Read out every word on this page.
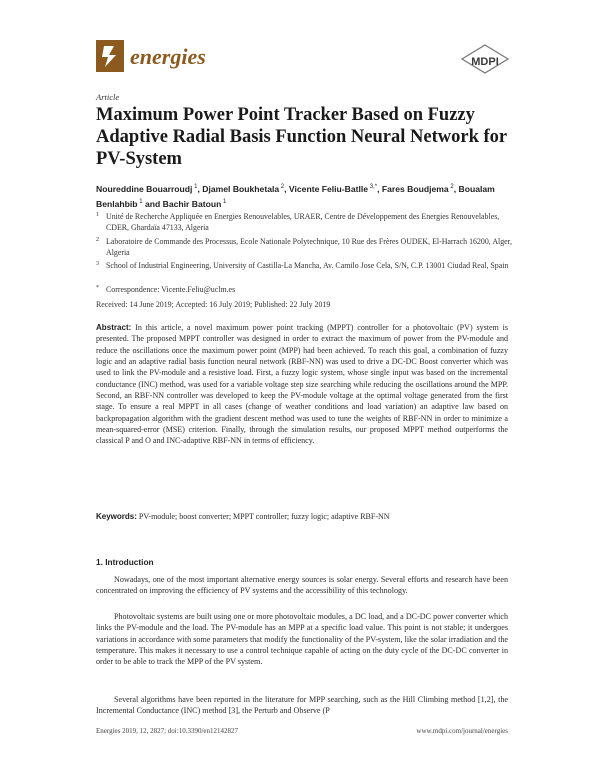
energies	MDPI
Article
Maximum Power Point Tracker Based on Fuzzy Adaptive Radial Basis Function Neural Network for PV-System
Noureddine Bouarroudj $^1$, Djamel Boukhetala $^2$, Vicente Feliu-Batlle $^{3,*}$, Fares Boudjema $^2$, Boualam Benlahbib $^1$ and Bachir Batoun $^1$
1 Unité de Recherche Appliquée en Energies Renouvelables, URAER, Centre de Développement des Energies Renouvelables, CDER, Ghardaïa 47133, Algeria
2 Laboratoire de Commande des Processus, Ecole Nationale Polytechnique, 10 Rue des Frères OUDEK, El-Harrach 16200, Alger, Algeria
3 School of Industrial Engineering, University of Castilla-La Mancha, Av. Camilo Jose Cela, S/N, C.P. 13001 Ciudad Real, Spain
* Correspondence: Vicente.Feliu@uclm.es
Received: 14 June 2019; Accepted: 16 July 2019; Published: 22 July 2019
Abstract: In this article, a novel maximum power point tracking (MPPT) controller for a photovoltaic (PV) system is presented. The proposed MPPT controller was designed in order to extract the maximum of power from the PV-module and reduce the oscillations once the maximum power point (MPP) had been achieved. To reach this goal, a combination of fuzzy logic and an adaptive radial basis function neural network (RBF-NN) was used to drive a DC-DC Boost converter which was used to link the PV-module and a resistive load. First, a fuzzy logic system, whose single input was based on the incremental conductance (INC) method, was used for a variable voltage step size searching while reducing the oscillations around the MPP. Second, an RBF-NN controller was developed to keep the PV-module voltage at the optimal voltage generated from the first stage. To ensure a real MPPT in all cases (change of weather conditions and load variation) an adaptive law based on backpropagation algorithm with the gradient descent method was used to tune the weights of RBF-NN in order to minimize a mean-squared-error (MSE) criterion. Finally, through the simulation results, our proposed MPPT method outperforms the classical P and O and INC-adaptive RBF-NN in terms of efficiency.
Keywords: PV-module; boost converter; MPPT controller; fuzzy logic; adaptive RBF-NN
1. Introduction
Nowadays, one of the most important alternative energy sources is solar energy. Several efforts and research have been concentrated on improving the efficiency of PV systems and the accessibility of this technology.
Photovoltaic systems are built using one or more photovoltaic modules, a DC load, and a DC-DC power converter which links the PV-module and the load. The PV-module has an MPP at a specific load value. This point is not stable; it undergoes variations in accordance with some parameters that modify the functionality of the PV-system, like the solar irradiation and the temperature. This makes it necessary to use a control technique capable of acting on the duty cycle of the DC-DC converter in order to be able to track the MPP of the PV system.
Several algorithms have been reported in the literature for MPP searching, such as the Hill Climbing method [1,2], the Incremental Conductance (INC) method [3], the Perturb and Observe (P
Energies 2019, 12, 2827; doi:10.3390/en12142827	www.mdpi.com/journal/energies
